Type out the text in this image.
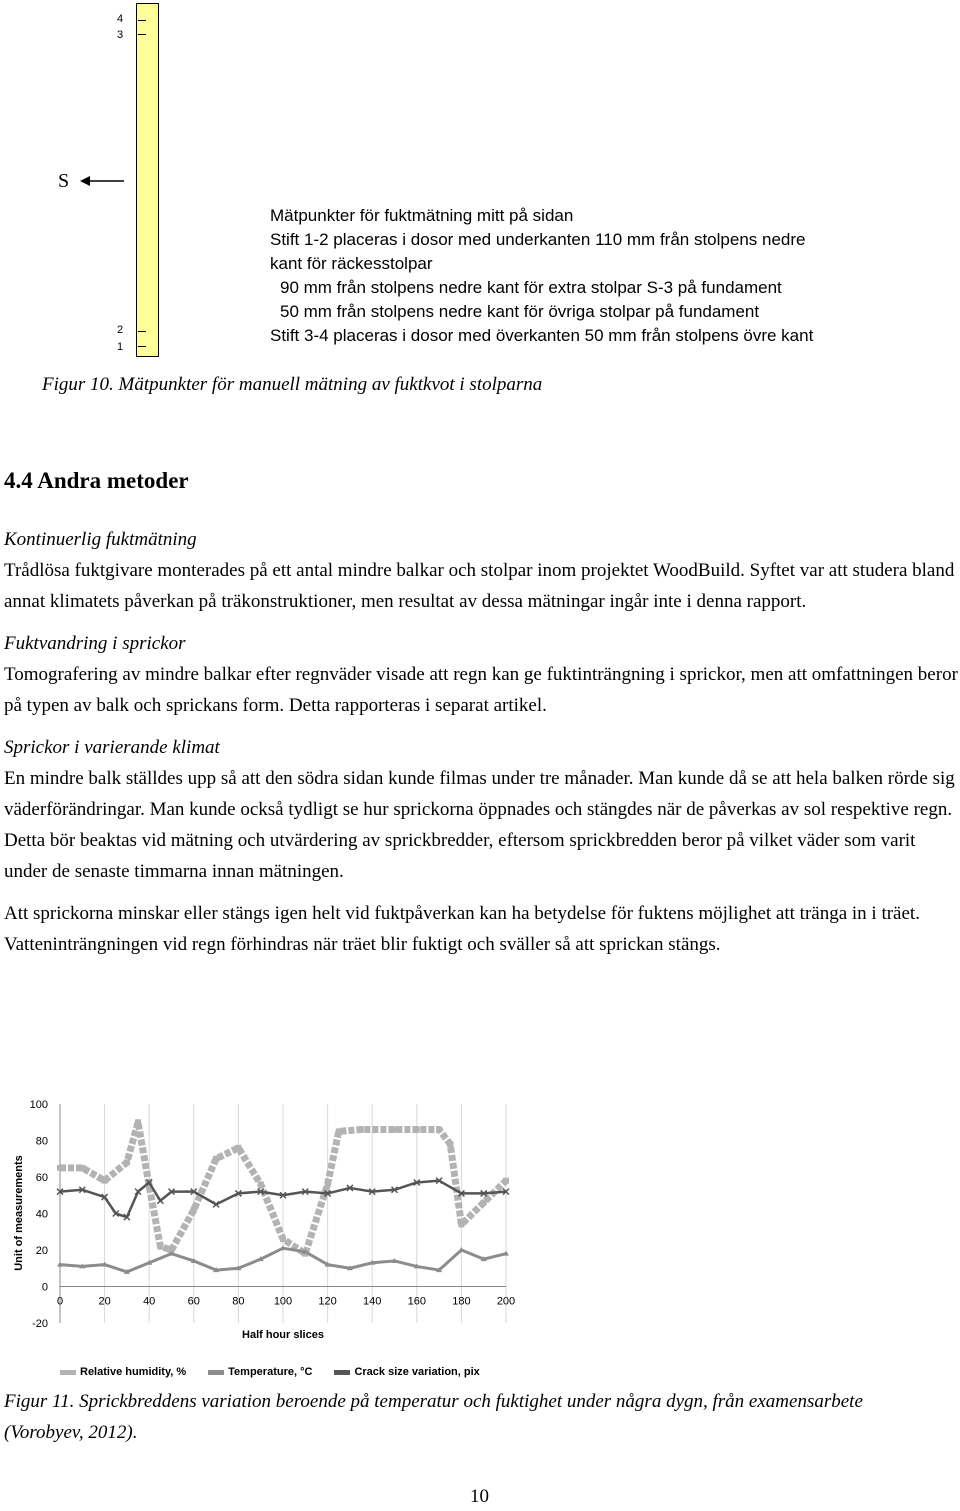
4
3
2
1
S
Mätpunkter för fuktmätning mitt på sidan
Stift 1-2 placeras i dosor med underkanten 110 mm från stolpens nedre
kant för räckesstolpar
90 mm från stolpens nedre kant för extra stolpar S-3 på fundament
50 mm från stolpens nedre kant för övriga stolpar på fundament
Stift 3-4 placeras i dosor med överkanten 50 mm från stolpens övre kant
Figur 10. Mätpunkter för manuell mätning av fuktkvot i stolparna
4.4 Andra metoder
Kontinuerlig fuktmätning

Trådlösa fuktgivare monterades på ett antal mindre balkar och stolpar inom projektet WoodBuild. Syftet var att studera bland annat klimatets påverkan på träkonstruktioner, men resultat av dessa mätningar ingår inte i denna rapport.

Fuktvandring i sprickor

Tomografering av mindre balkar efter regnväder visade att regn kan ge fuktinträngning i sprickor, men att omfattningen beror på typen av balk och sprickans form. Detta rapporteras i separat artikel.

Sprickor i varierande klimat

En mindre balk ställdes upp så att den södra sidan kunde filmas under tre månader. Man kunde då se att hela balken rörde sig väderförändringar. Man kunde också tydligt se hur sprickorna öppnades och stängdes när de påverkas av sol respektive regn. Detta bör beaktas vid mätning och utvärdering av sprickbredder, eftersom sprickbredden beror på vilket väder som varit under de senaste timmarna innan mätningen.

Att sprickorna minskar eller stängs igen helt vid fuktpåverkan kan ha betydelse för fuktens möjlighet att tränga in i träet. Vatteninträngningen vid regn förhindras när träet blir fuktigt och sväller så att sprickan stängs.

100
80
60
40
20
0
-20
0	20	40	60	80	100 120 140 160 180 200
Half hour slices
Unit of measurements
Relative humidity, %	Temperature, °C	Crack size variation, pix
Figur 11. Sprickbreddens variation beroende på temperatur och fuktighet under några dygn, från examensarbete (Vorobyev, 2012).
10
